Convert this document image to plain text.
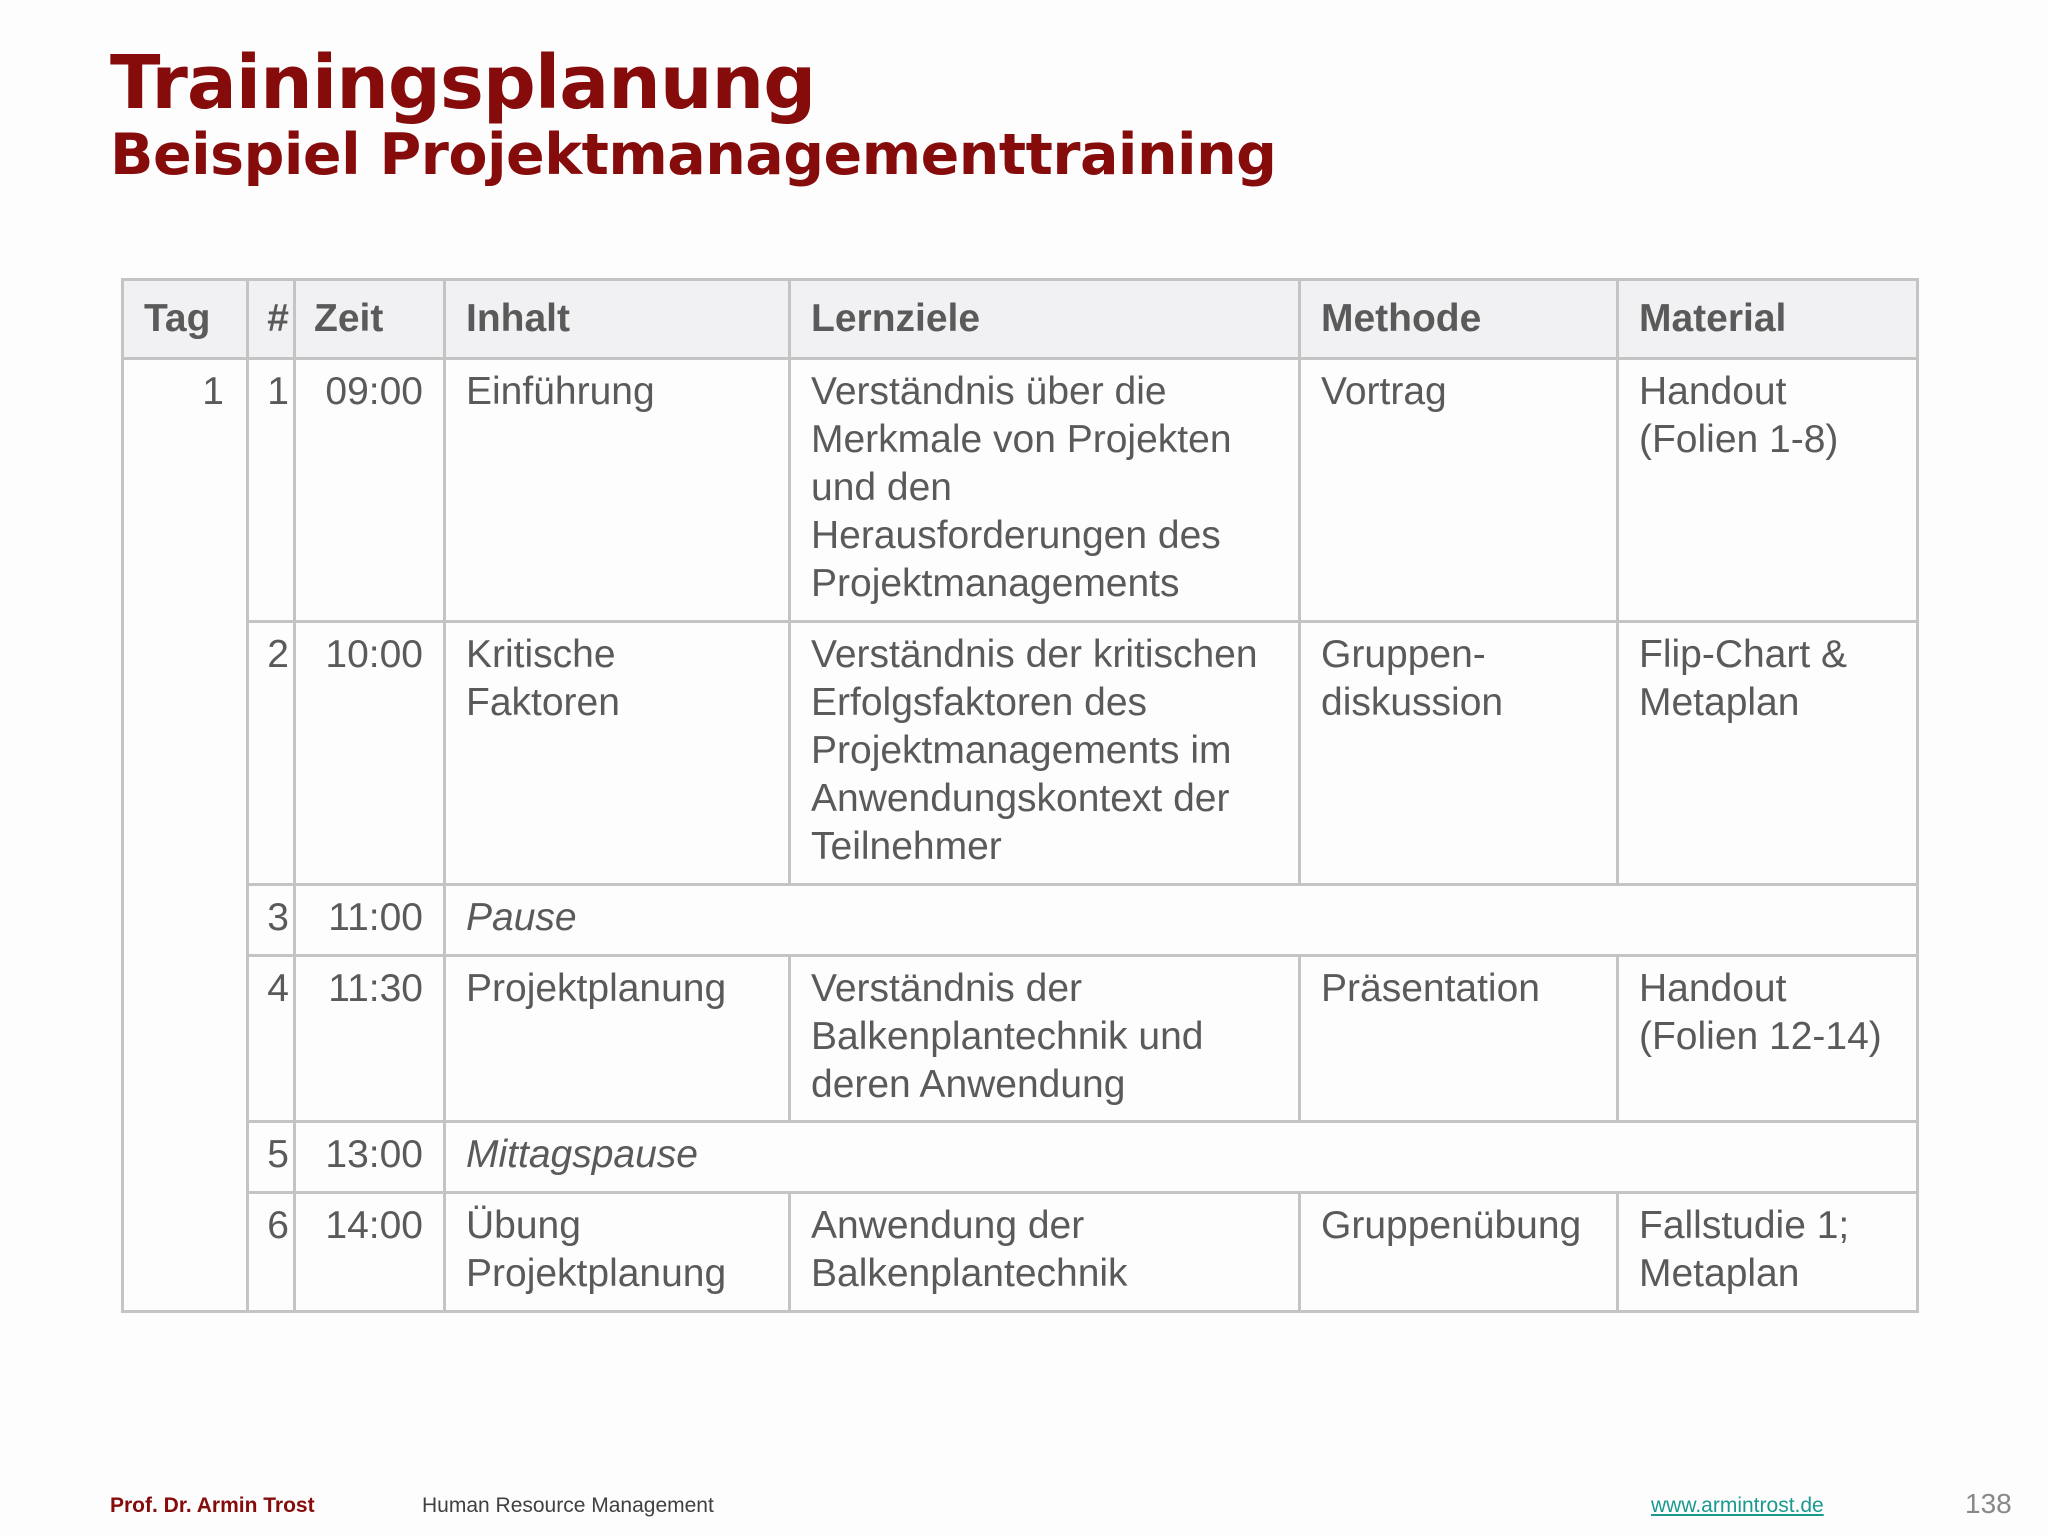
Trainingsplanung
Beispiel Projektmanagementtraining
Tag	#	Zeit	Inhalt	Lernziele	Methode	Material
1	1	09:00	Einführung	Verständnis über die Merkmale von Projekten und den Herausforderungen des Projektmanagements	Vortrag	Handout (Folien 1-8)
	2	10:00	Kritische Faktoren	Verständnis der kritischen Erfolgsfaktoren des Projektmanagements im Anwendungskontext der Teilnehmer	Gruppen-diskussion	Flip-Chart & Metaplan
	3	11:00	Pause			
	4	11:30	Projektplanung	Verständnis der Balkenplantechnik und deren Anwendung	Präsentation	Handout (Folien 12-14)
	5	13:00	Mittagspause			
	6	14:00	Übung Projektplanung	Anwendung der Balkenplantechnik	Gruppenübung	Fallstudie 1; Metaplan
Prof. Dr. Armin Trost	Human Resource Management	www.armintrost.de	138
